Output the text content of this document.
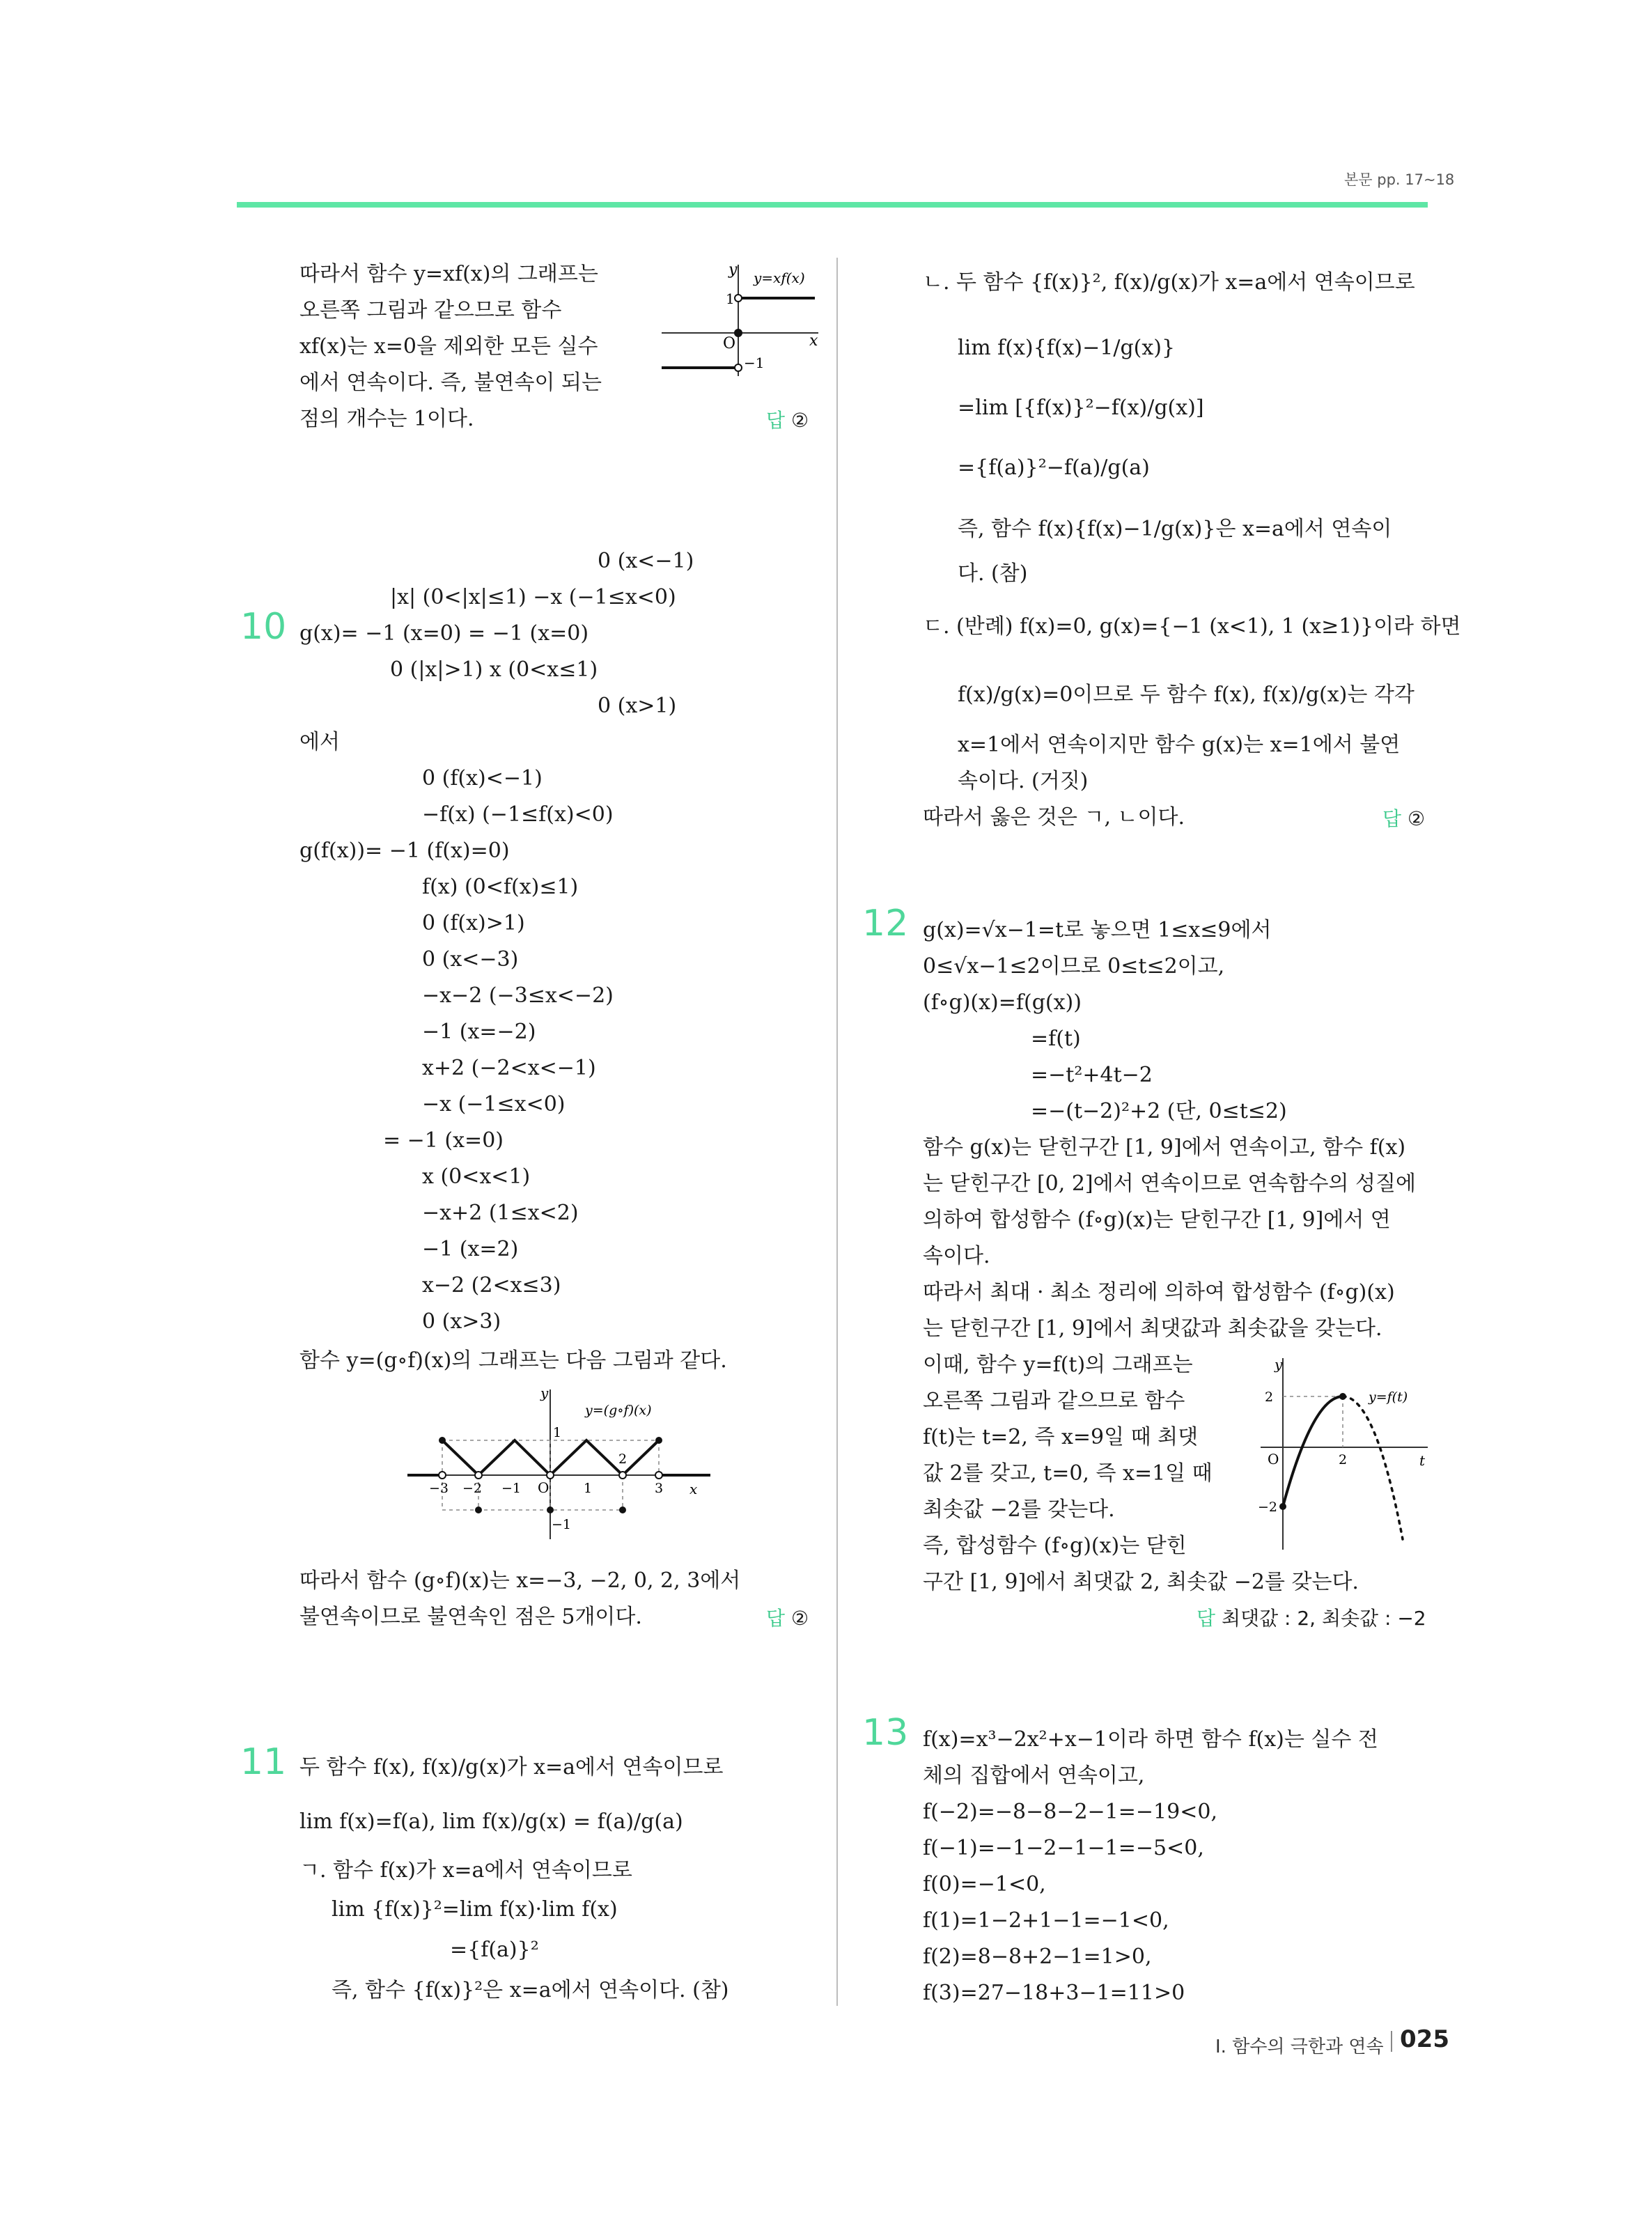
본문 pp. 17~18
따라서 함수 y=xf(x)의 그래프는
오른쪽 그림과 같으므로 함수
xf(x)는 x=0을 제외한 모든 실수
에서 연속이다. 즉, 불연속이 되는
점의 개수는 1이다.	답 ②
y
x
O
1
−1
y=xf(x)
10
0 (x<−1)
|x| (0<|x|≤1) −x (−1≤x<0)
g(x)= −1 (x=0) = −1 (x=0)
0 (|x|>1) x (0<x≤1)
0 (x>1)
에서
0 (f(x)<−1)
−f(x) (−1≤f(x)<0)
g(f(x))= −1 (f(x)=0)
f(x) (0<f(x)≤1)
0 (f(x)>1)
0 (x<−3)
−x−2 (−3≤x<−2)
−1 (x=−2)
x+2 (−2<x<−1)
−x (−1≤x<0)
= −1 (x=0)
x (0<x<1)
−x+2 (1≤x<2)
−1 (x=2)
x−2 (2<x≤3)
0 (x>3)
함수 y=(g∘f)(x)의 그래프는 다음 그림과 같다.
y
x
O
y=(g∘f)(x)
1
−1
−3 −2 −1	1	3
2
따라서 함수 (g∘f)(x)는 x=−3, −2, 0, 2, 3에서
불연속이므로 불연속인 점은 5개이다.	답 ②
11 두 함수 f(x), f(x)/g(x)가 x=a에서 연속이므로
lim f(x)=f(a), lim f(x)/g(x) = f(a)/g(a)
ㄱ. 함수 f(x)가 x=a에서 연속이므로
lim {f(x)}²=lim f(x)·lim f(x)
={f(a)}²
즉, 함수 {f(x)}²은 x=a에서 연속이다. (참)
ㄴ. 두 함수 {f(x)}², f(x)/g(x)가 x=a에서 연속이므로
lim f(x){f(x)−1/g(x)}
=lim [{f(x)}²−f(x)/g(x)]
={f(a)}²−f(a)/g(a)
즉, 함수 f(x){f(x)−1/g(x)}은 x=a에서 연속이
다. (참)
ㄷ. (반례) f(x)=0, g(x)={−1 (x<1), 1 (x≥1)}이라 하면
f(x)/g(x)=0이므로 두 함수 f(x), f(x)/g(x)는 각각
x=1에서 연속이지만 함수 g(x)는 x=1에서 불연
속이다. (거짓)
따라서 옳은 것은 ㄱ, ㄴ이다.	답 ②
12 g(x)=√x−1=t로 놓으면 1≤x≤9에서
0≤√x−1≤2이므로 0≤t≤2이고,
(f∘g)(x)=f(g(x))
=f(t)
=−t²+4t−2
=−(t−2)²+2 (단, 0≤t≤2)
함수 g(x)는 닫힌구간 [1, 9]에서 연속이고, 함수 f(x)
는 닫힌구간 [0, 2]에서 연속이므로 연속함수의 성질에
의하여 합성함수 (f∘g)(x)는 닫힌구간 [1, 9]에서 연
속이다.
따라서 최대 · 최소 정리에 의하여 합성함수 (f∘g)(x)
는 닫힌구간 [1, 9]에서 최댓값과 최솟값을 갖는다.
이때, 함수 y=f(t)의 그래프는
오른쪽 그림과 같으므로 함수
f(t)는 t=2, 즉 x=9일 때 최댓
값 2를 갖고, t=0, 즉 x=1일 때
최솟값 −2를 갖는다.
즉, 합성함수 (f∘g)(x)는 닫힌
구간 [1, 9]에서 최댓값 2, 최솟값 −2를 갖는다.
y
t
O	2
2
−2
y=f(t)
답 최댓값 : 2, 최솟값 : −2
13 f(x)=x³−2x²+x−1이라 하면 함수 f(x)는 실수 전
체의 집합에서 연속이고,
f(−2)=−8−8−2−1=−19<0,
f(−1)=−1−2−1−1=−5<0,
f(0)=−1<0,
f(1)=1−2+1−1=−1<0,
f(2)=8−8+2−1=1>0,
f(3)=27−18+3−1=11>0
Ⅰ. 함수의 극한과 연속 025
